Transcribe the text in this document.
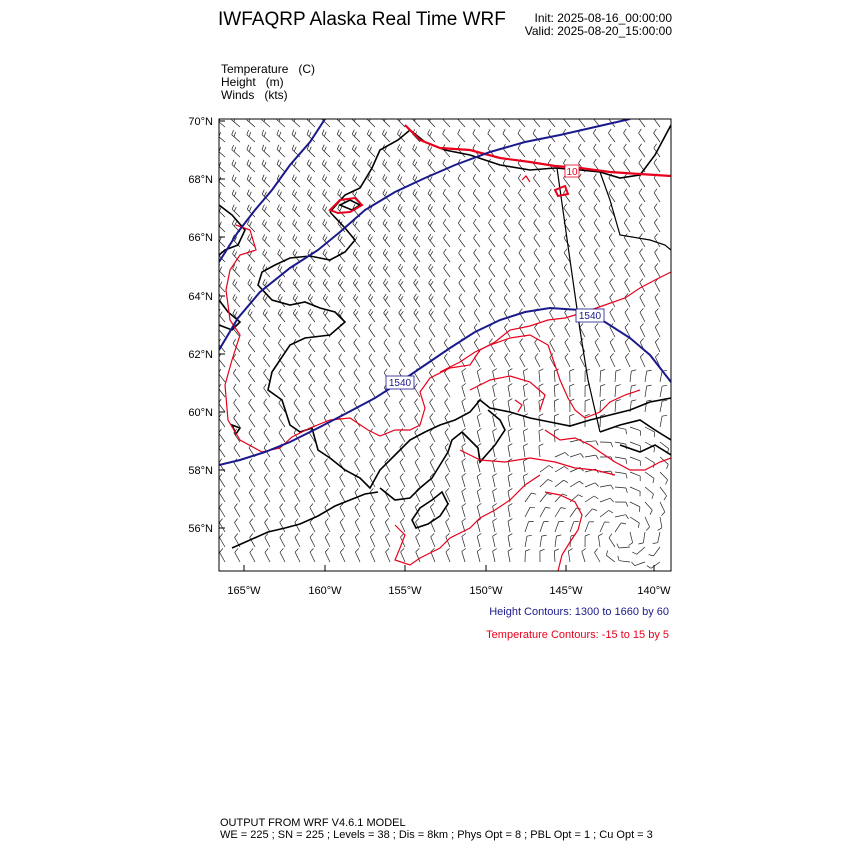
IWFAQRP Alaska Real Time WRF	Init: 2025-08-16_00:00:00
Valid: 2025-08-20_15:00:00
Temperature   (C)
Height   (m)
Winds   (kts)
1540
1540
10
70°N
68°N
66°N
64°N
62°N
60°N
58°N
56°N
165°W	160°W	155°W	150°W	145°W	140°W
Height Contours: 1300 to 1660 by 60
Temperature Contours: -15 to 15 by 5
OUTPUT FROM WRF V4.6.1 MODEL
WE = 225 ; SN = 225 ; Levels = 38 ; Dis = 8km ; Phys Opt = 8 ; PBL Opt = 1 ; Cu Opt = 3
